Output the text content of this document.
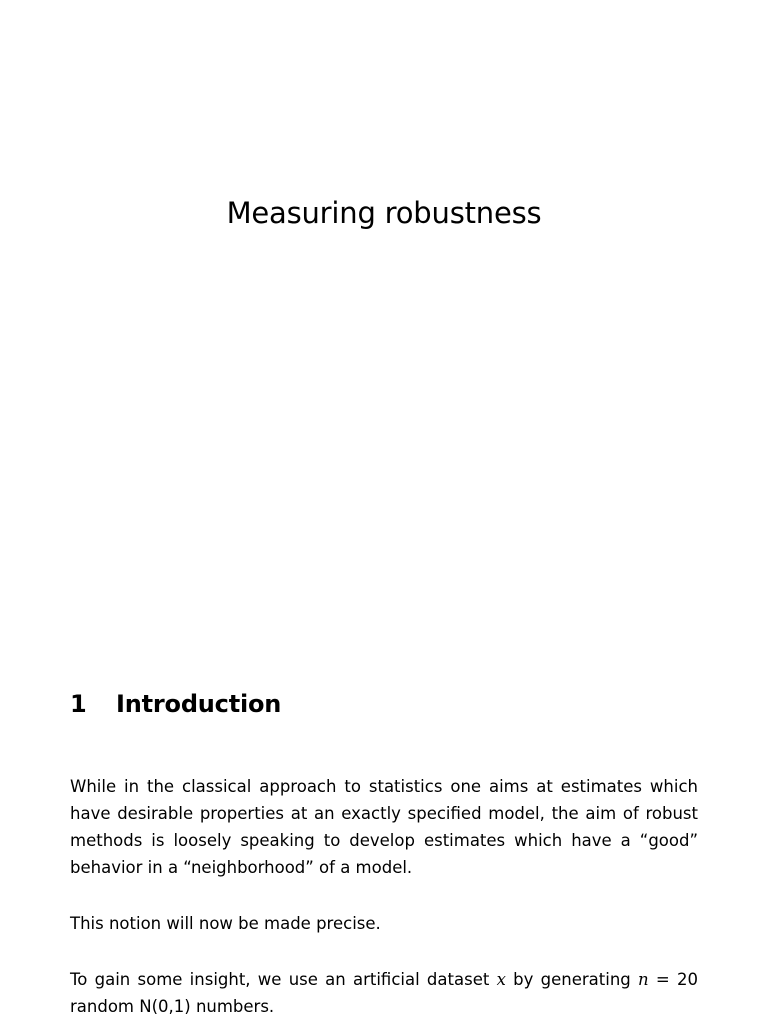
Measuring robustness
1 Introduction

While in the classical approach to statistics one aims at estimates which have desirable properties at an exactly specified model, the aim of robust methods is loosely speaking to develop estimates which have a “good” behavior in a “neighborhood” of a model.

This notion will now be made precise.

To gain some insight, we use an artificial dataset x by generating n = 20 random N(0,1) numbers.
